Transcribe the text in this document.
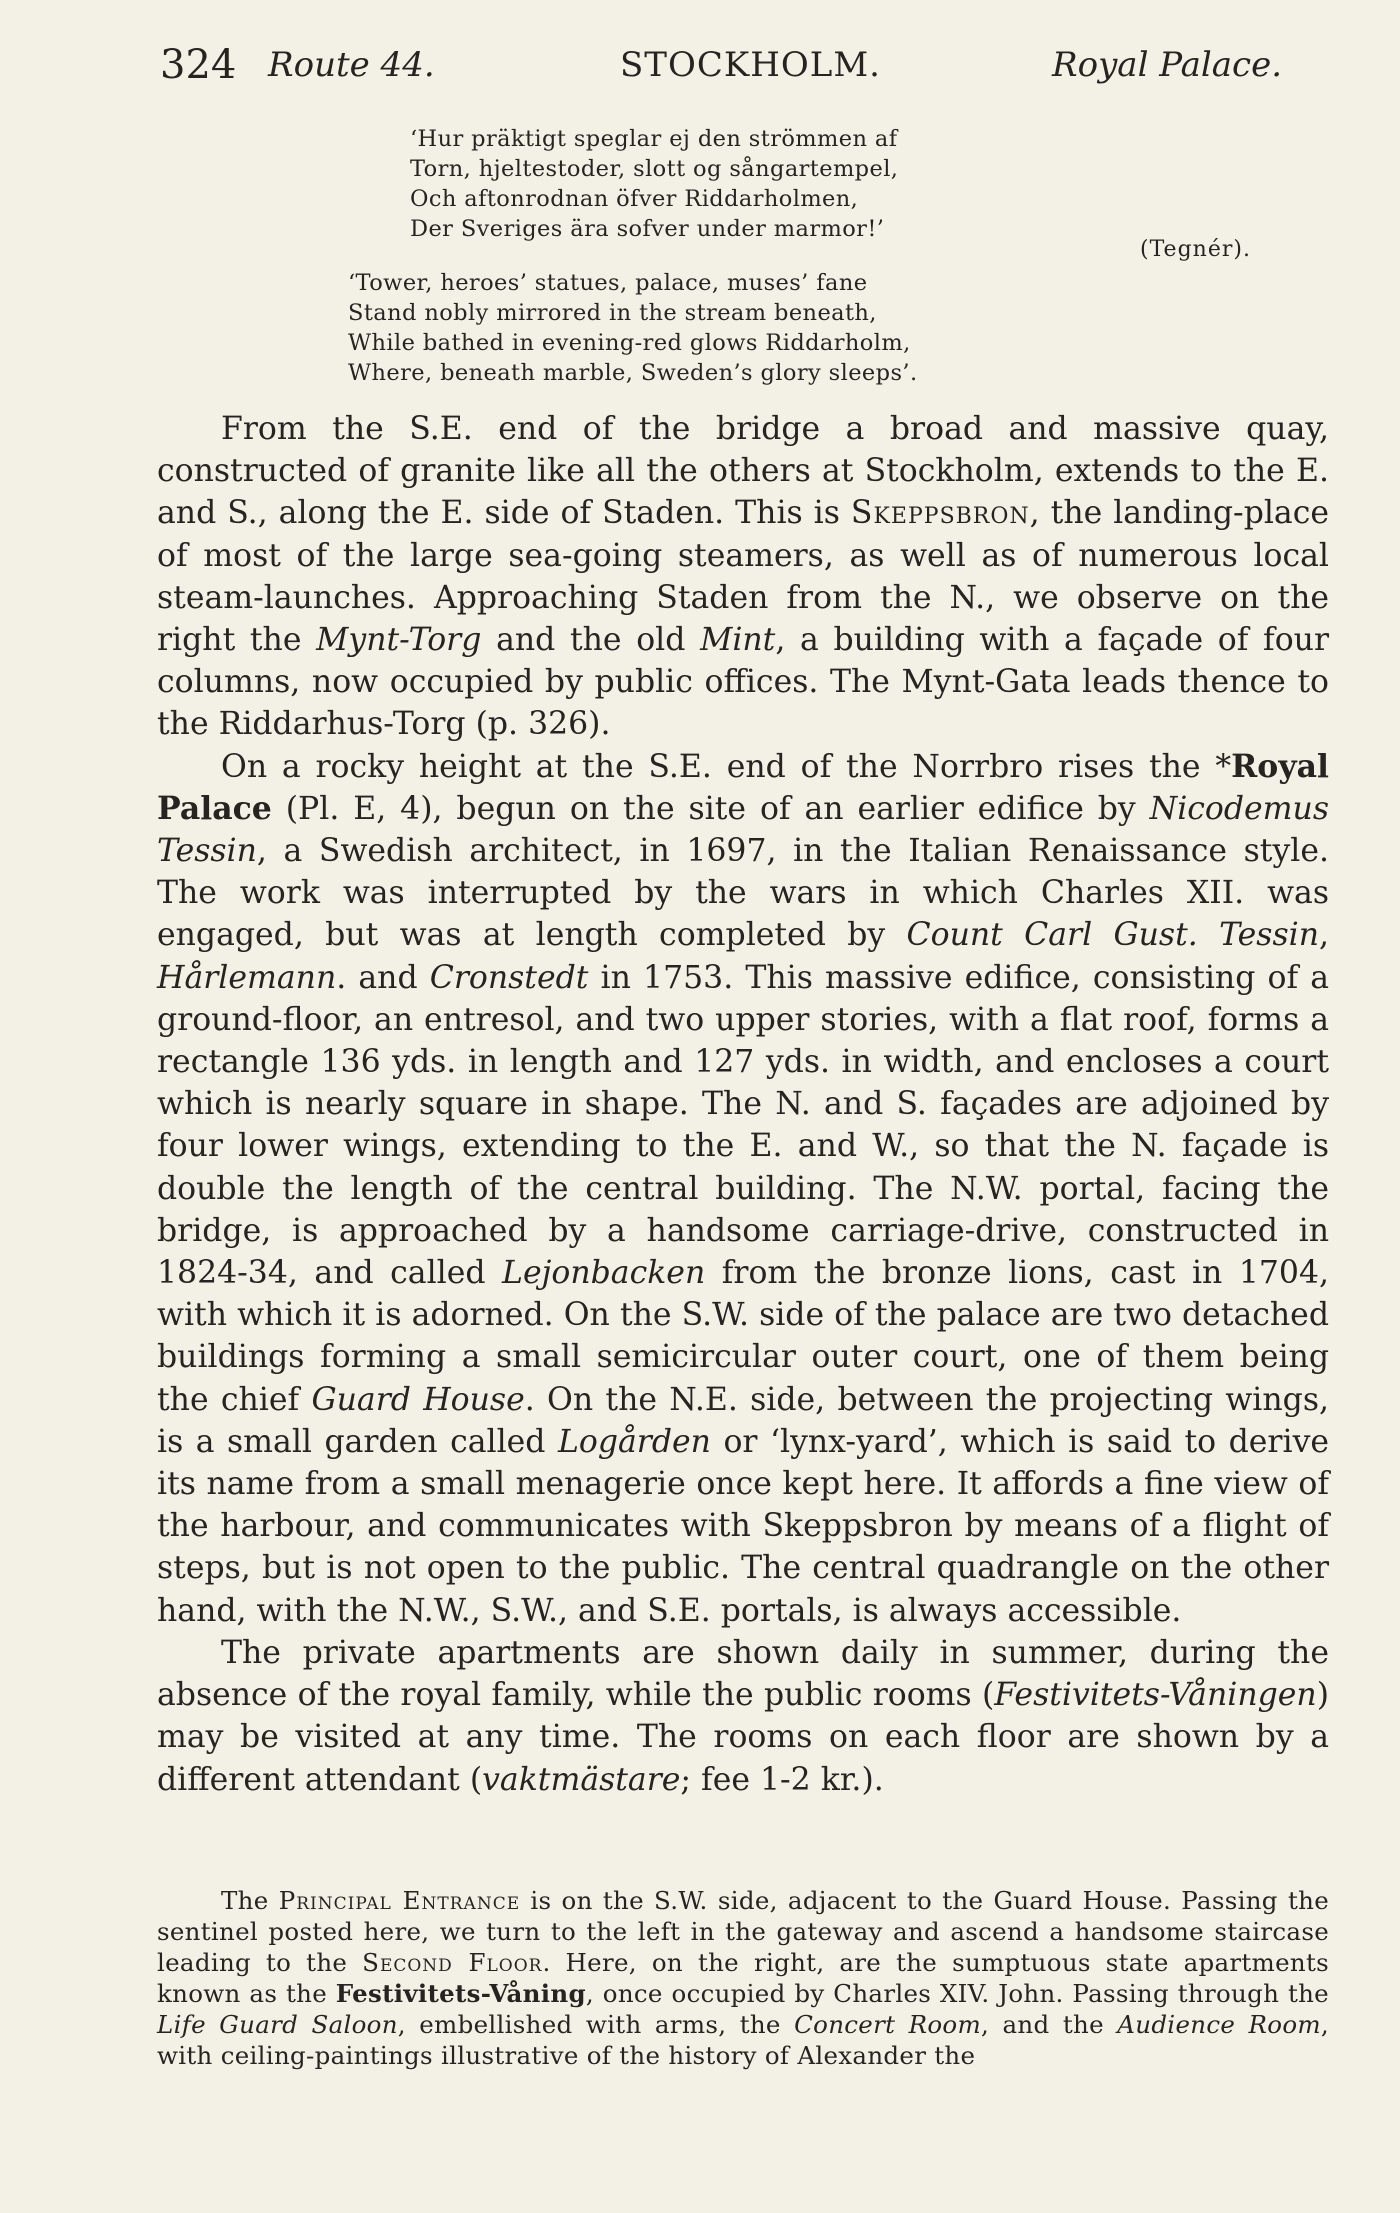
324 Route 44.	STOCKHOLM.	Royal Palace.
‘Hur präktigt speglar ej den strömmen af
Torn, hjeltestoder, slott og sångartempel,
Och aftonrodnan öfver Riddarholmen,
Der Sveriges ära sofver under marmor!’
(Tegnér).
‘Tower, heroes’ statues, palace, muses’ fane
Stand nobly mirrored in the stream beneath,
While bathed in evening-red glows Riddarholm,
Where, beneath marble, Sweden’s glory sleeps’.

From the S.E. end of the bridge a broad and massive quay, constructed of granite like all the others at Stockholm, extends to the E. and S., along the E. side of Staden. This is Skeppsbron, the landing-place of most of the large sea-going steamers, as well as of numerous local steam-launches. Approaching Staden from the N., we observe on the right the Mynt-Torg and the old Mint, a building with a façade of four columns, now occupied by public offices. The Mynt-Gata leads thence to the Riddarhus-Torg (p. 326).

On a rocky height at the S.E. end of the Norrbro rises the *Royal Palace (Pl. E, 4), begun on the site of an earlier edifice by Nicodemus Tessin, a Swedish architect, in 1697, in the Italian Renaissance style. The work was interrupted by the wars in which Charles XII. was engaged, but was at length completed by Count Carl Gust. Tessin, Hårlemann. and Cronstedt in 1753. This massive edifice, consisting of a ground-floor, an entresol, and two upper stories, with a flat roof, forms a rectangle 136 yds. in length and 127 yds. in width, and encloses a court which is nearly square in shape. The N. and S. façades are adjoined by four lower wings, extending to the E. and W., so that the N. façade is double the length of the central building. The N.W. portal, facing the bridge, is approached by a handsome carriage-drive, constructed in 1824-34, and called Lejonbacken from the bronze lions, cast in 1704, with which it is adorned. On the S.W. side of the palace are two detached buildings forming a small semicircular outer court, one of them being the chief Guard House. On the N.E. side, between the projecting wings, is a small garden called Logården or ‘lynx-yard’, which is said to derive its name from a small menagerie once kept here. It affords a fine view of the harbour, and communicates with Skeppsbron by means of a flight of steps, but is not open to the public. The central quadrangle on the other hand, with the N.W., S.W., and S.E. portals, is always accessible.

The private apartments are shown daily in summer, during the absence of the royal family, while the public rooms (Festivitets-Våningen) may be visited at any time. The rooms on each floor are shown by a different attendant (vaktmästare; fee 1-2 kr.).

The Principal Entrance is on the S.W. side, adjacent to the Guard House. Passing the sentinel posted here, we turn to the left in the gateway and ascend a handsome staircase leading to the Second Floor. Here, on the right, are the sumptuous state apartments known as the Festivitets-Våning, once occupied by Charles XIV. John. Passing through the Life Guard Saloon, embellished with arms, the Concert Room, and the Audience Room, with ceiling-paintings illustrative of the history of Alexander the
